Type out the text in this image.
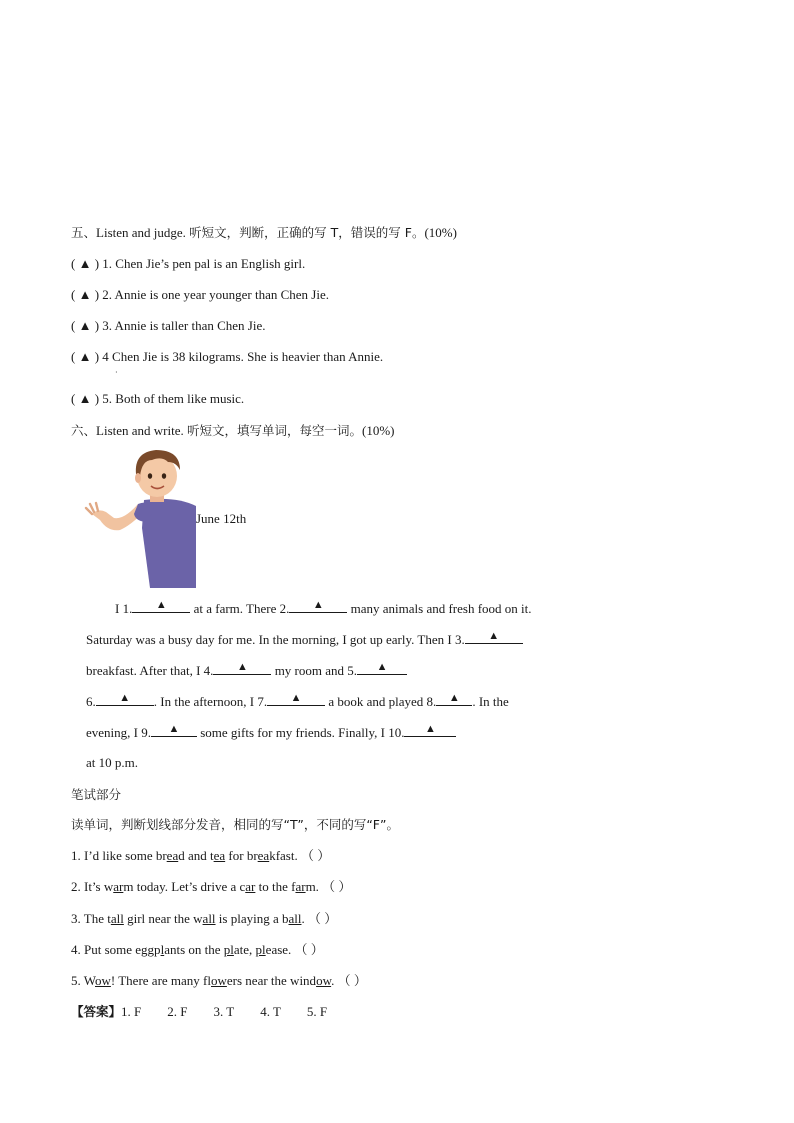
五、Listen and judge. 听短文，判断，正确的写 T，错误的写 F。(10%)
( ▲ ) 1. Chen Jie’s pen pal is an English girl.
( ▲ ) 2. Annie is one year younger than Chen Jie.
( ▲ ) 3. Annie is taller than Chen Jie.
( ▲ ) 4 Chen Jie is 38 kilograms. She is heavier than Annie.
·
( ▲ ) 5. Both of them like music.
六、Listen and write. 听短文，填写单词，每空一词。(10%)
June 12th
I 1.	▲	at a farm. There 2.	▲	many animals and fresh food on it.
Saturday was a busy day for me. In the morning, I got up early. Then I 3.	▲
breakfast. After that, I 4.	▲	my room and 5.	▲
6.	▲	. In the afternoon, I 7.	▲	a book and played 8.	▲ . In the
evening, I 9.	▲	some gifts for my friends. Finally, I 10.	▲
at 10 p.m.
笔试部分
读单词，判断划线部分发音，相同的写“T”，不同的写“F”。
1. I’d like some bread and tea for breakfast. （ ）
2. It’s warm today. Let’s drive a car to the farm. （ ）
3. The tall girl near the wall is playing a ball. （ ）
4. Put some eggplants on the plate, please. （ ）
5. Wow! There are many flowers near the window. （ ）
【答案】1. F 2. F 3. T 4. T 5. F
